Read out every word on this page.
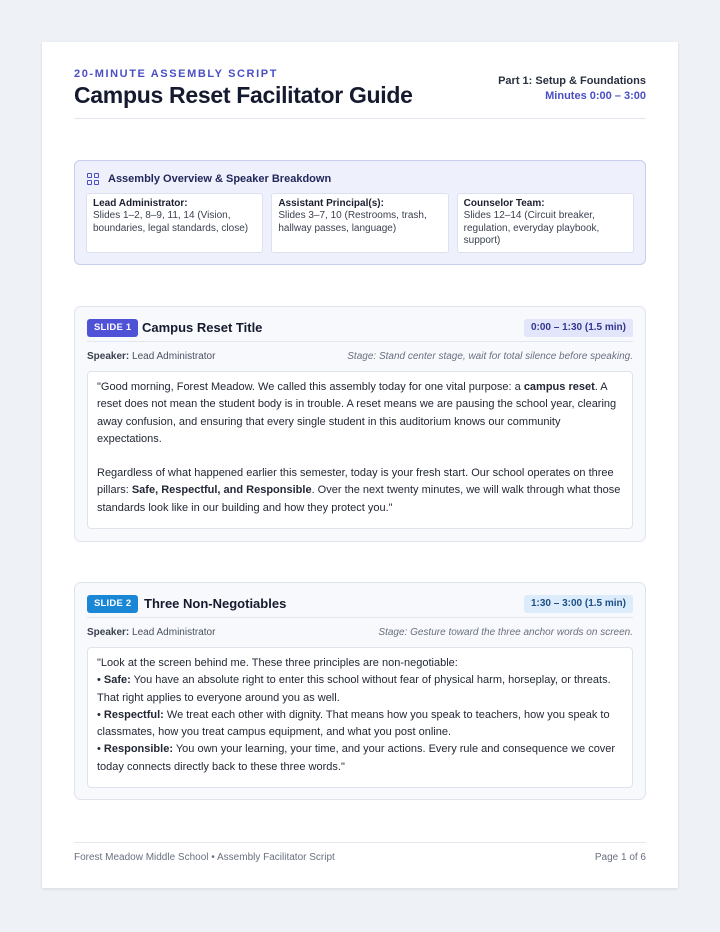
20-MINUTE ASSEMBLY SCRIPT
Campus Reset Facilitator Guide
Part 1: Setup & Foundations
Minutes 0:00 – 3:00
Assembly Overview & Speaker Breakdown
Lead Administrator:
Slides 1–2, 8–9, 11, 14 (Vision, boundaries, legal standards, close)
Assistant Principal(s):
Slides 3–7, 10 (Restrooms, trash, hallway passes, language)
Counselor Team:
Slides 12–14 (Circuit breaker, regulation, everyday playbook, support)
SLIDE 1 Campus Reset Title	0:00 – 1:30 (1.5 min)
Speaker: Lead Administrator	Stage: Stand center stage, wait for total silence before speaking.

"Good morning, Forest Meadow. We called this assembly today for one vital purpose: a campus reset. A reset does not mean the student body is in trouble. A reset means we are pausing the school year, clearing away confusion, and ensuring that every single student in this auditorium knows our community expectations.

Regardless of what happened earlier this semester, today is your fresh start. Our school operates on three pillars: Safe, Respectful, and Responsible. Over the next twenty minutes, we will walk through what those standards look like in our building and how they protect you."

SLIDE 2 Three Non-Negotiables	1:30 – 3:00 (1.5 min)
Speaker: Lead Administrator	Stage: Gesture toward the three anchor words on screen.

"Look at the screen behind me. These three principles are non-negotiable:

• Safe: You have an absolute right to enter this school without fear of physical harm, horseplay, or threats. That right applies to everyone around you as well.

• Respectful: We treat each other with dignity. That means how you speak to teachers, how you speak to classmates, how you treat campus equipment, and what you post online.

• Responsible: You own your learning, your time, and your actions. Every rule and consequence we cover today connects directly back to these three words."

Forest Meadow Middle School • Assembly Facilitator Script	Page 1 of 6
